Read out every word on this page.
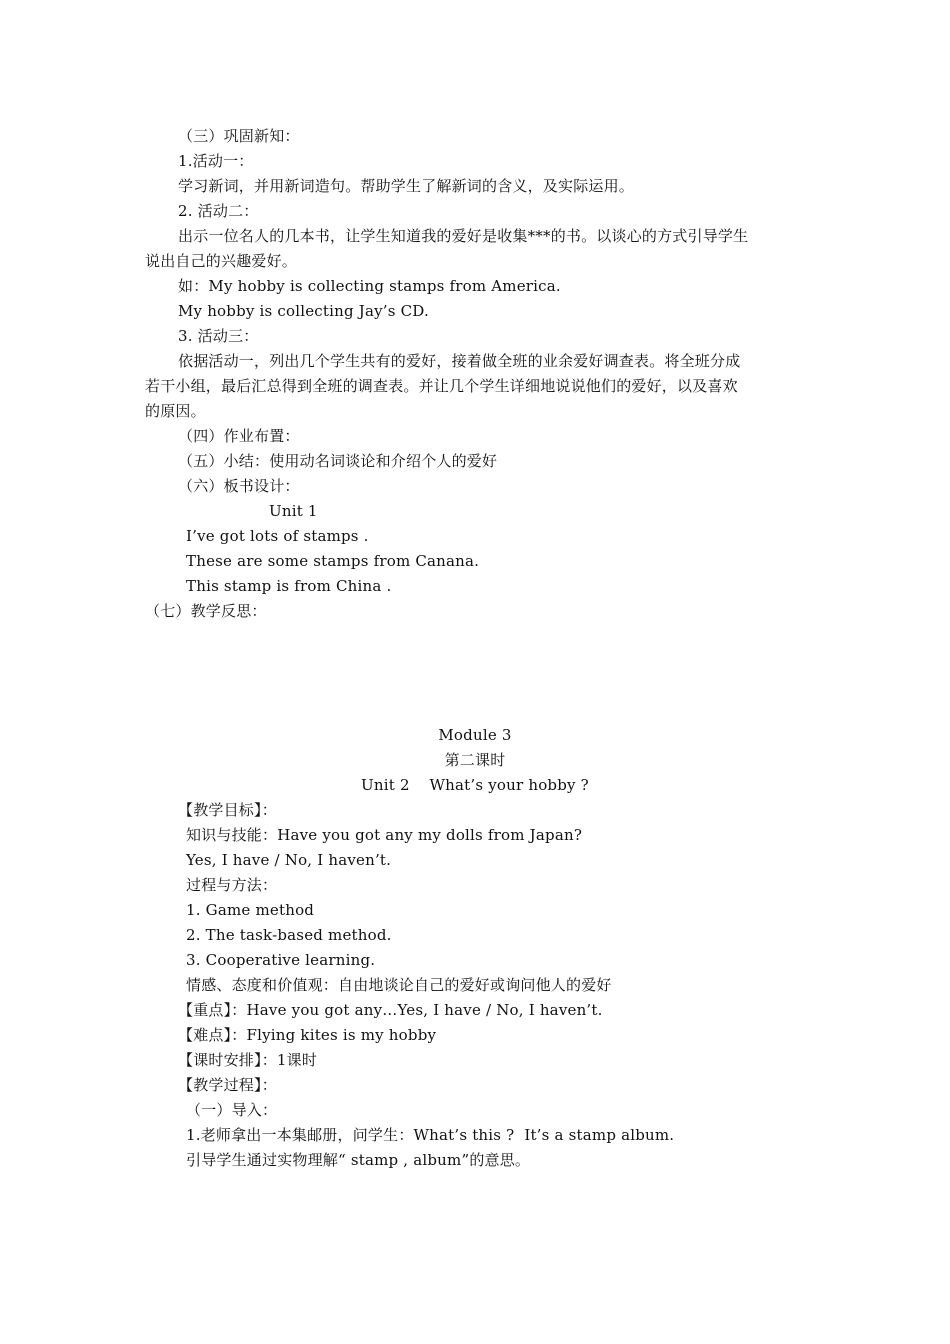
（三）巩固新知：
1.活动一：
学习新词，并用新词造句。帮助学生了解新词的含义，及实际运用。
2. 活动二：
出示一位名人的几本书，让学生知道我的爱好是收集***的书。以谈心的方式引导学生
说出自己的兴趣爱好。
如：My hobby is collecting stamps from America.
My hobby is collecting Jay’s CD.
3. 活动三：
依据活动一，列出几个学生共有的爱好，接着做全班的业余爱好调查表。将全班分成
若干小组，最后汇总得到全班的调查表。并让几个学生详细地说说他们的爱好，以及喜欢
的原因。
（四）作业布置：
（五）小结：使用动名词谈论和介绍个人的爱好
（六）板书设计：
Unit 1
I’ve got lots of stamps .
These are some stamps from Canana.
This stamp is from China .
（七）教学反思：
Module 3
第二课时
Unit 2    What’s your hobby ?
【教学目标】：
知识与技能：Have you got any my dolls from Japan?
Yes, I have / No, I haven’t.
过程与方法：
1. Game method
2. The task-based method.
3. Cooperative learning.
情感、态度和价值观：自由地谈论自己的爱好或询问他人的爱好
【重点】：Have you got any…Yes, I have / No, I haven’t.
【难点】：Flying kites is my hobby
【课时安排】：1课时
【教学过程】：
（一）导入：
1.老师拿出一本集邮册，问学生：What’s this ?  It’s a stamp album.
引导学生通过实物理解“ stamp , album”的意思。
